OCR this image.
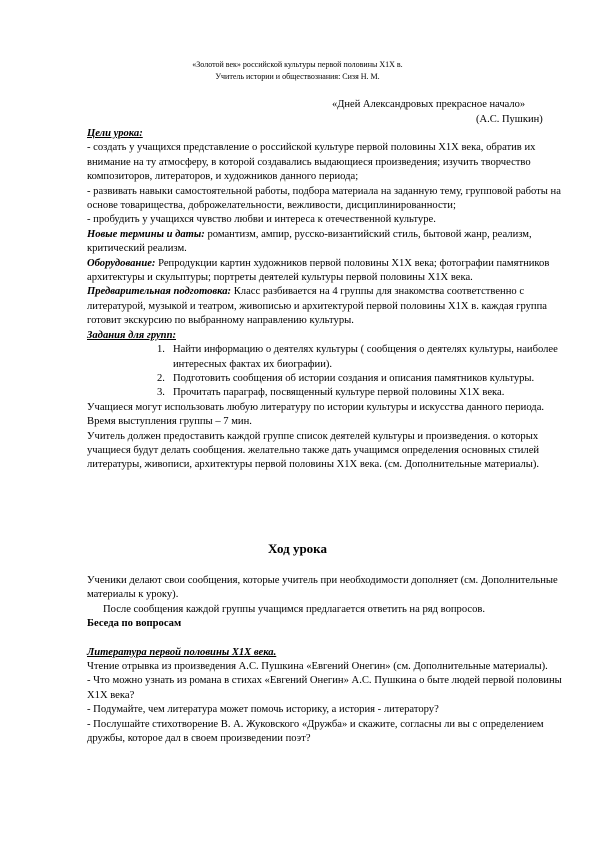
«Золотой век» российской культуры первой половины Х1Х в.
Учитель истории и обществознания: Сизя Н. М.
«Дней Александровых прекрасное начало»
(А.С. Пушкин)

Цели урока:

- создать у учащихся представление о российской культуре первой половины Х1Х века, обратив их внимание на ту атмосферу, в которой создавались выдающиеся произведения; изучить творчество композиторов, литераторов, и художников данного периода;

- развивать навыки самостоятельной работы, подбора материала на заданную тему, групповой работы на основе товарищества, доброжелательности, вежливости, дисциплинированности;

- пробудить у учащихся чувство любви и интереса к отечественной культуре.

Новые термины и даты: романтизм, ампир, русско-византийский стиль, бытовой жанр, реализм, критический реализм.

Оборудование: Репродукции картин художников первой половины Х1Х века; фотографии памятников архитектуры и скульптуры; портреты деятелей культуры первой половины Х1Х века.

Предварительная подготовка: Класс разбивается на 4 группы для знакомства соответственно с литературой, музыкой и театром, живописью и архитектурой первой половины Х1Х в. каждая группа готовит экскурсию по выбранному направлению культуры.

Задания для групп:

1. Найти информацию о деятелях культуры ( сообщения о деятелях культуры, наиболее интересных фактах их биографии).
2. Подготовить сообщения об истории создания и описания памятников культуры.
3. Прочитать параграф, посвященный культуре первой половины Х1Х века.

Учащиеся могут использовать любую литературу по истории культуры и искусства данного периода. Время выступления группы – 7 мин.

Учитель должен предоставить каждой группе список деятелей культуры и произведения. о которых учащиеся будут делать сообщения. желательно также дать учащимся определения основных стилей литературы, живописи, архитектуры первой половины Х1Х века. (см. Дополнительные материалы).

Ход урока

Ученики делают свои сообщения, которые учитель при необходимости дополняет (см. Дополнительные материалы к уроку).

После сообщения каждой группы учащимся предлагается ответить на ряд вопросов.

Беседа по вопросам

Литература первой половины Х1Х века.

Чтение отрывка из произведения А.С. Пушкина «Евгений Онегин» (см. Дополнительные материалы).

- Что можно узнать из романа в стихах «Евгений Онегин» А.С. Пушкина о быте людей первой половины Х1Х века?

- Подумайте, чем литература может помочь историку, а история - литератору?

- Послушайте стихотворение В. А. Жуковского «Дружба» и скажите, согласны ли вы с определением дружбы, которое дал в своем произведении поэт?
